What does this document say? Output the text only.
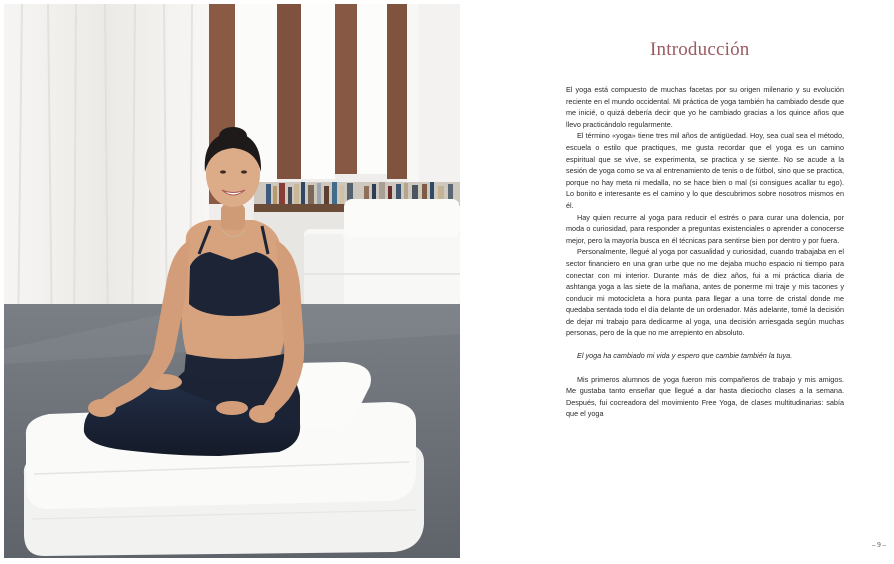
Introducción

El yoga está compuesto de muchas facetas por su origen milenario y su evolución reciente en el mundo occidental. Mi práctica de yoga también ha cambiado desde que me inicié, o quizá debería decir que yo he cambiado gracias a los quince años que llevo practicándolo regularmente.

El término «yoga» tiene tres mil años de antigüedad. Hoy, sea cual sea el método, escuela o estilo que practiques, me gusta recordar que el yoga es un camino espiritual que se vive, se experimenta, se practica y se siente. No se acude a la sesión de yoga como se va al entrenamiento de tenis o de fútbol, sino que se practica, porque no hay meta ni medalla, no se hace bien o mal (si consigues acallar tu ego). Lo bonito e interesante es el camino y lo que descubrimos sobre nosotros mismos en él.

Hay quien recurre al yoga para reducir el estrés o para curar una dolencia, por moda o curiosidad, para responder a preguntas existenciales o aprender a conocerse mejor, pero la mayoría busca en él técnicas para sentirse bien por dentro y por fuera.

Personalmente, llegué al yoga por casualidad y curiosidad, cuando trabajaba en el sector financiero en una gran urbe que no me dejaba mucho espacio ni tiempo para conectar con mi interior. Durante más de diez años, fui a mi práctica diaria de ashtanga yoga a las siete de la mañana, antes de ponerme mi traje y mis tacones y conducir mi motocicleta a hora punta para llegar a una torre de cristal donde me quedaba sentada todo el día delante de un ordenador. Más adelante, tomé la decisión de dejar mi trabajo para dedicarme al yoga, una decisión arriesgada según muchas personas, pero de la que no me arrepiento en absoluto.

El yoga ha cambiado mi vida y espero que cambie también la tuya.

Mis primeros alumnos de yoga fueron mis compañeros de trabajo y mis amigos. Me gustaba tanto enseñar que llegué a dar hasta dieciocho clases a la semana. Después, fui cocreadora del movimiento Free Yoga, de clases multitudinarias: sabía que el yoga

– 9 –
